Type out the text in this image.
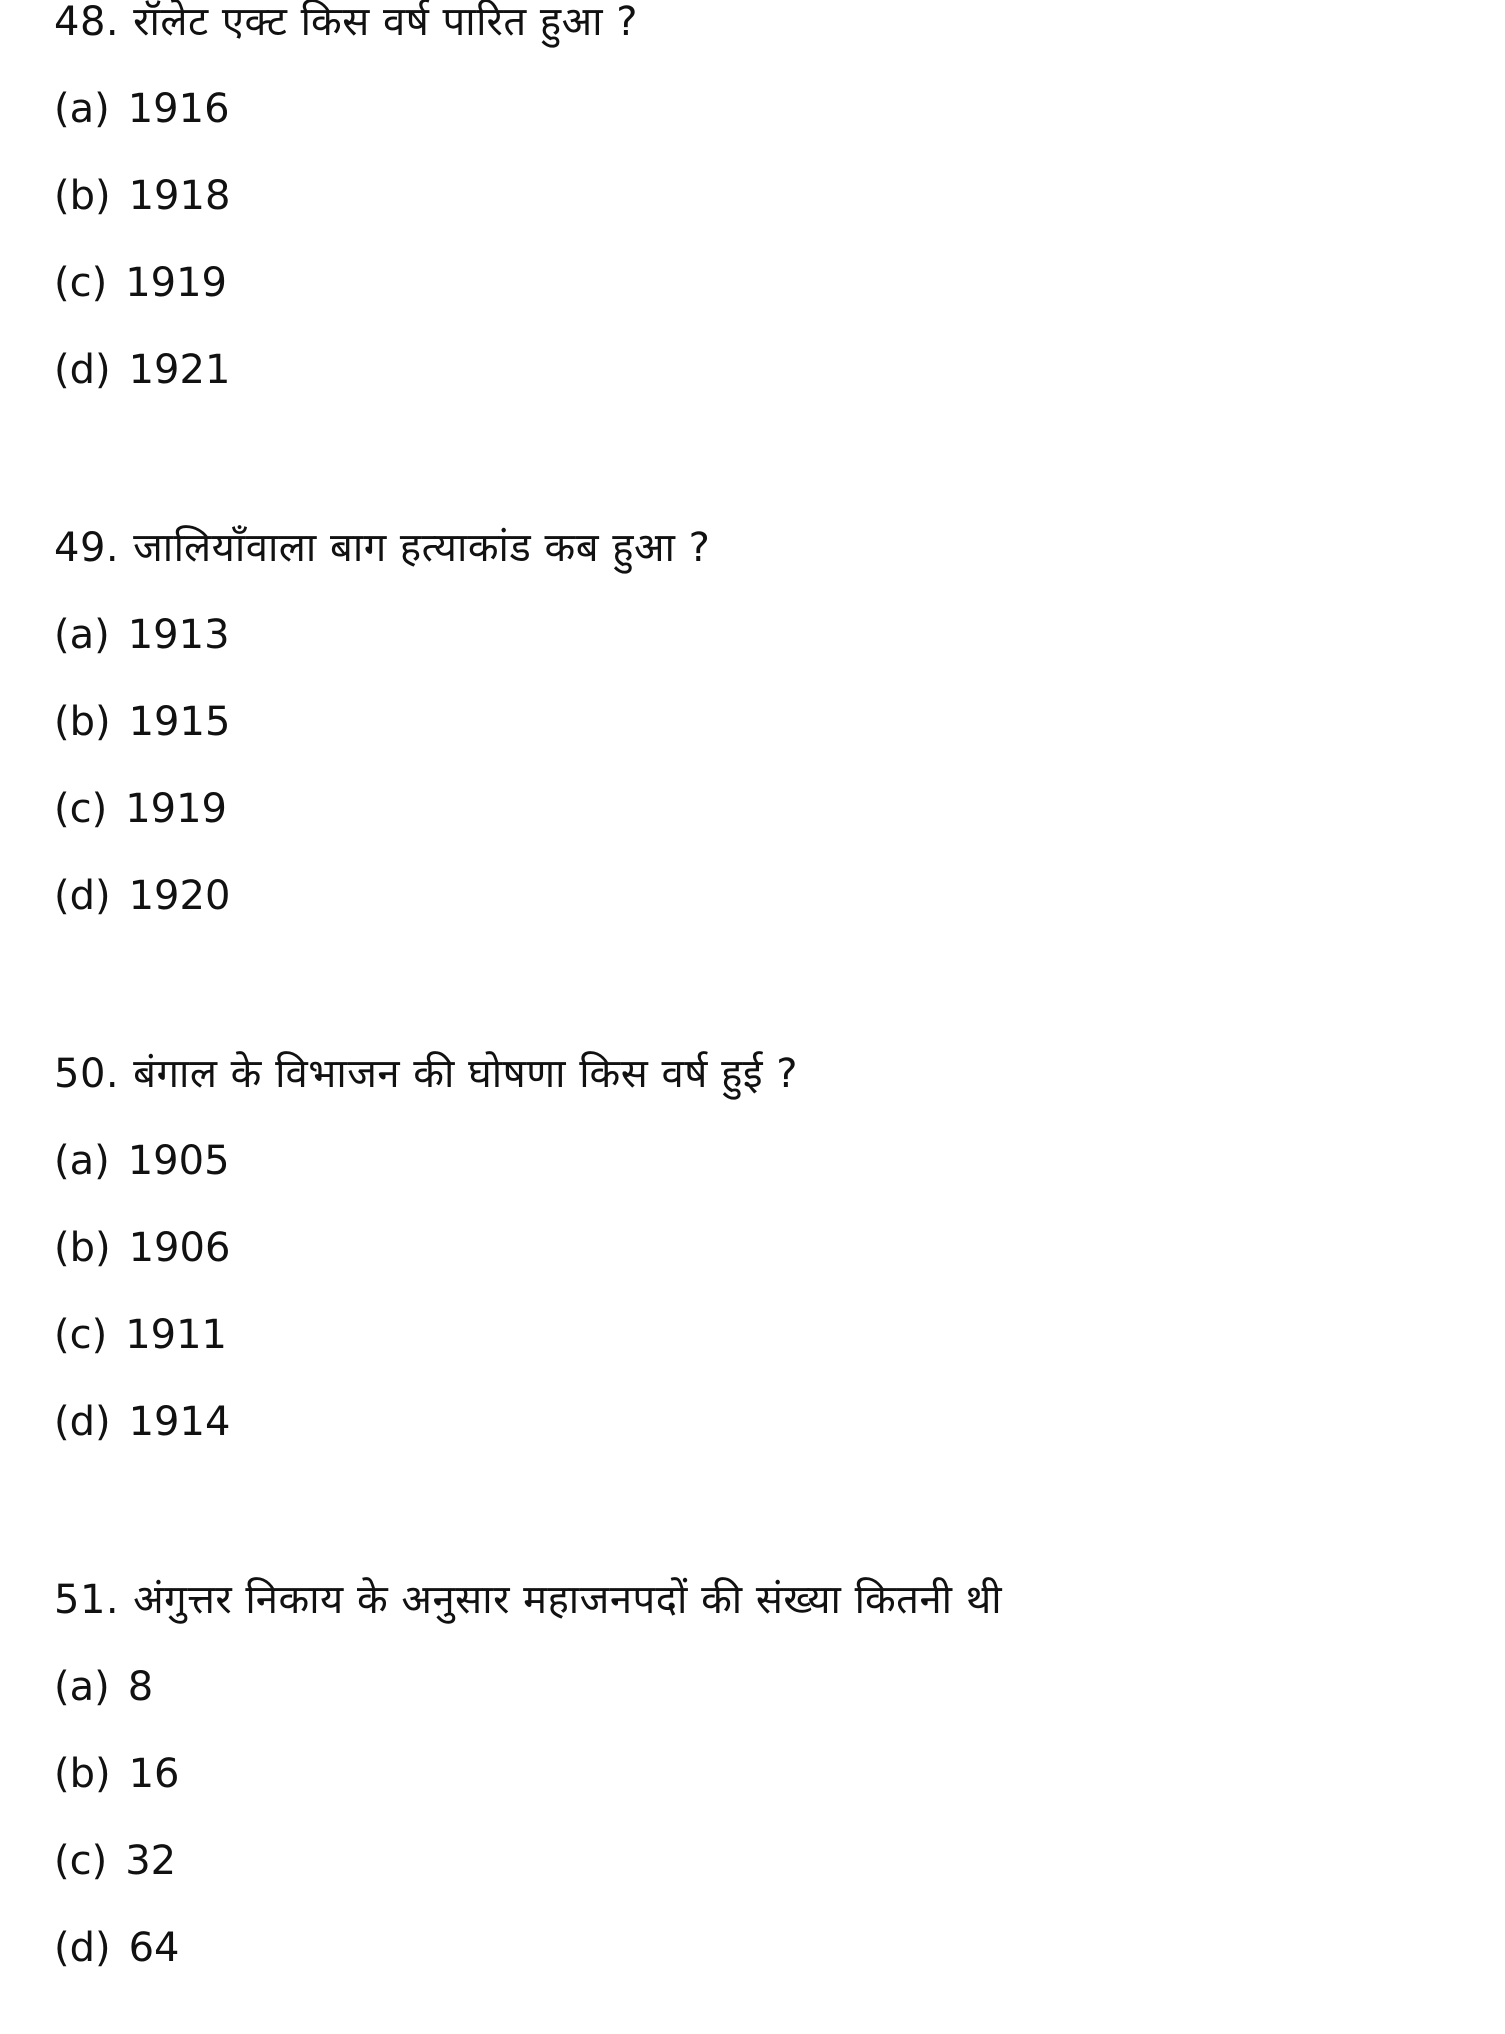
48. रॉलेट एक्ट किस वर्ष पारित हुआ ?
(a) 1916
(b) 1918
(c) 1919
(d) 1921
49. जालियाँवाला बाग हत्याकांड कब हुआ ?
(a) 1913
(b) 1915
(c) 1919
(d) 1920
50. बंगाल के विभाजन की घोषणा किस वर्ष हुई ?
(a) 1905
(b) 1906
(c) 1911
(d) 1914
51. अंगुत्तर निकाय के अनुसार महाजनपदों की संख्या कितनी थी
(a) 8
(b) 16
(c) 32
(d) 64
